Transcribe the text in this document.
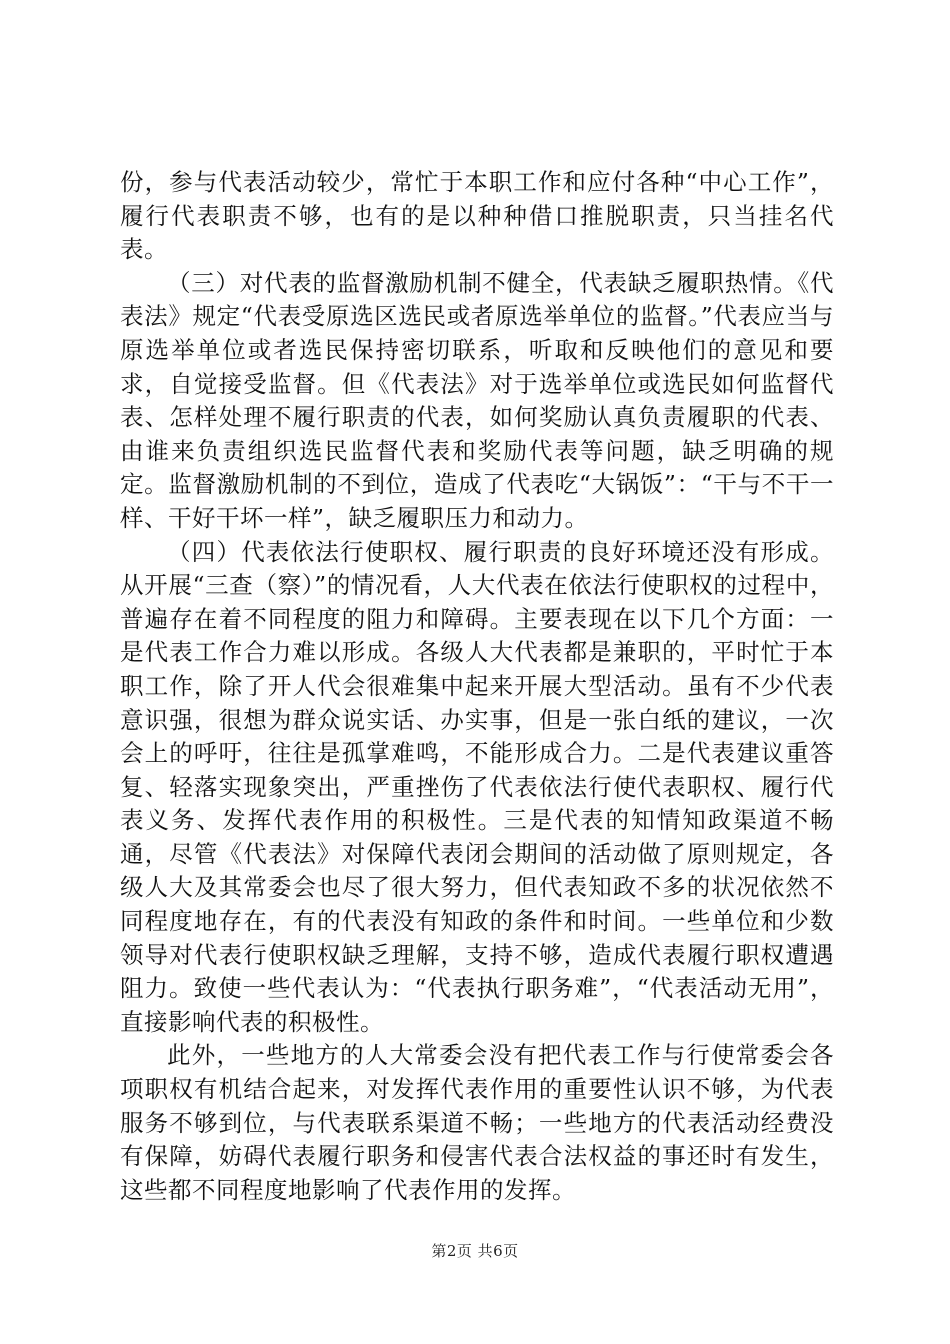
份，参与代表活动较少，常忙于本职工作和应付各种“中心工作”，履行代表职责不够，也有的是以种种借口推脱职责，只当挂名代表。

（三）对代表的监督激励机制不健全，代表缺乏履职热情。《代表法》规定“代表受原选区选民或者原选举单位的监督。”代表应当与原选举单位或者选民保持密切联系，听取和反映他们的意见和要求，自觉接受监督。但《代表法》对于选举单位或选民如何监督代表、怎样处理不履行职责的代表，如何奖励认真负责履职的代表、由谁来负责组织选民监督代表和奖励代表等问题，缺乏明确的规定。监督激励机制的不到位，造成了代表吃“大锅饭”：“干与不干一样、干好干坏一样”，缺乏履职压力和动力。

（四）代表依法行使职权、履行职责的良好环境还没有形成。从开展“三查（察）”的情况看，人大代表在依法行使职权的过程中，普遍存在着不同程度的阻力和障碍。主要表现在以下几个方面：一是代表工作合力难以形成。各级人大代表都是兼职的，平时忙于本职工作，除了开人代会很难集中起来开展大型活动。虽有不少代表意识强，很想为群众说实话、办实事，但是一张白纸的建议，一次会上的呼吁，往往是孤掌难鸣，不能形成合力。二是代表建议重答复、轻落实现象突出，严重挫伤了代表依法行使代表职权、履行代表义务、发挥代表作用的积极性。三是代表的知情知政渠道不畅通，尽管《代表法》对保障代表闭会期间的活动做了原则规定，各级人大及其常委会也尽了很大努力，但代表知政不多的状况依然不同程度地存在，有的代表没有知政的条件和时间。一些单位和少数领导对代表行使职权缺乏理解，支持不够，造成代表履行职权遭遇阻力。致使一些代表认为：“代表执行职务难”，“代表活动无用”，直接影响代表的积极性。

此外，一些地方的人大常委会没有把代表工作与行使常委会各项职权有机结合起来，对发挥代表作用的重要性认识不够，为代表服务不够到位，与代表联系渠道不畅；一些地方的代表活动经费没有保障，妨碍代表履行职务和侵害代表合法权益的事还时有发生，这些都不同程度地影响了代表作用的发挥。

第2页 共6页
